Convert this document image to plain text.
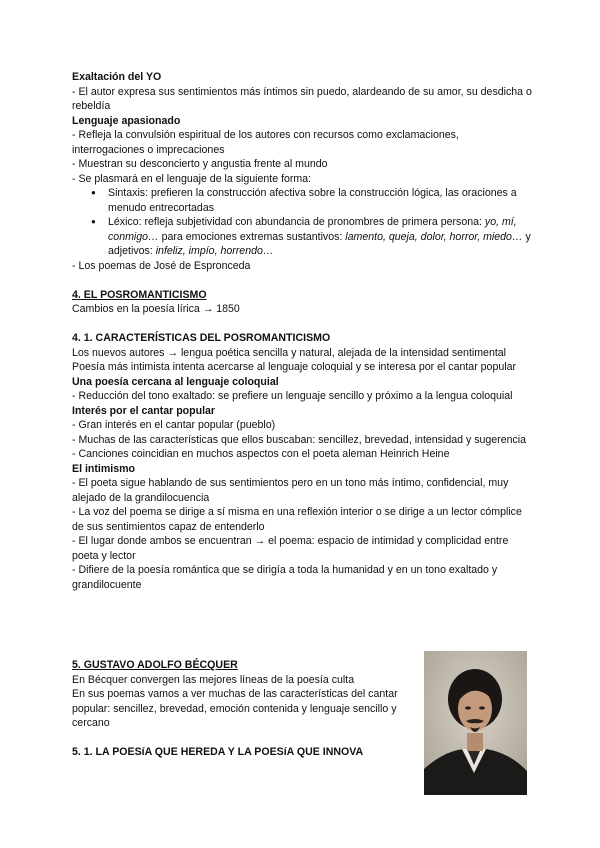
Exaltación del YO
- El autor expresa sus sentimientos más íntimos sin puedo, alardeando de su amor, su desdicha o rebeldía
Lenguaje apasionado
- Refleja la convulsión espiritual de los autores con recursos como exclamaciones, interrogaciones o imprecaciones
- Muestran su desconcierto y angustia frente al mundo
- Se plasmará en el lenguaje de la siguiente forma:
● Sintaxis: prefieren la construcción afectiva sobre la construcción lógica, las oraciones a menudo entrecortadas
● Léxico: refleja subjetividad con abundancia de pronombres de primera persona: yo, mí, conmigo… para emociones extremas sustantivos: lamento, queja, dolor, horror, miedo… y adjetivos: infeliz, impío, horrendo…
- Los poemas de José de Espronceda
4. EL POSROMANTICISMO
Cambios en la poesía lírica → 1850
4. 1. CARACTERÍSTICAS DEL POSROMANTICISMO
Los nuevos autores → lengua poética sencilla y natural, alejada de la intensidad sentimental
Poesía más intimista intenta acercarse al lenguaje coloquial y se interesa por el cantar popular
Una poesía cercana al lenguaje coloquial
- Reducción del tono exaltado: se prefiere un lenguaje sencillo y próximo a la lengua coloquial
Interés por el cantar popular
- Gran interés en el cantar popular (pueblo)
- Muchas de las características que ellos buscaban: sencillez, brevedad, intensidad y sugerencia
- Canciones coincidian en muchos aspectos con el poeta aleman Heinrich Heine
El intimismo
- El poeta sigue hablando de sus sentimientos pero en un tono más íntimo, confidencial, muy alejado de la grandilocuencia
- La voz del poema se dirige a sí misma en una reflexión interior o se dirige a un lector cómplice de sus sentimientos capaz de entenderlo
- El lugar donde ambos se encuentran → el poema: espacio de intimidad y complicidad entre poeta y lector
- Difiere de la poesía romántica que se dirigía a toda la humanidad y en un tono exaltado y grandilocuente
5. GUSTAVO ADOLFO BÉCQUER
En Bécquer convergen las mejores líneas de la poesía culta
En sus poemas vamos a ver muchas de las características del cantar popular: sencillez, brevedad, emoción contenida y lenguaje sencillo y cercano
5. 1. LA POESíA QUE HEREDA Y LA POESíA QUE INNOVA
